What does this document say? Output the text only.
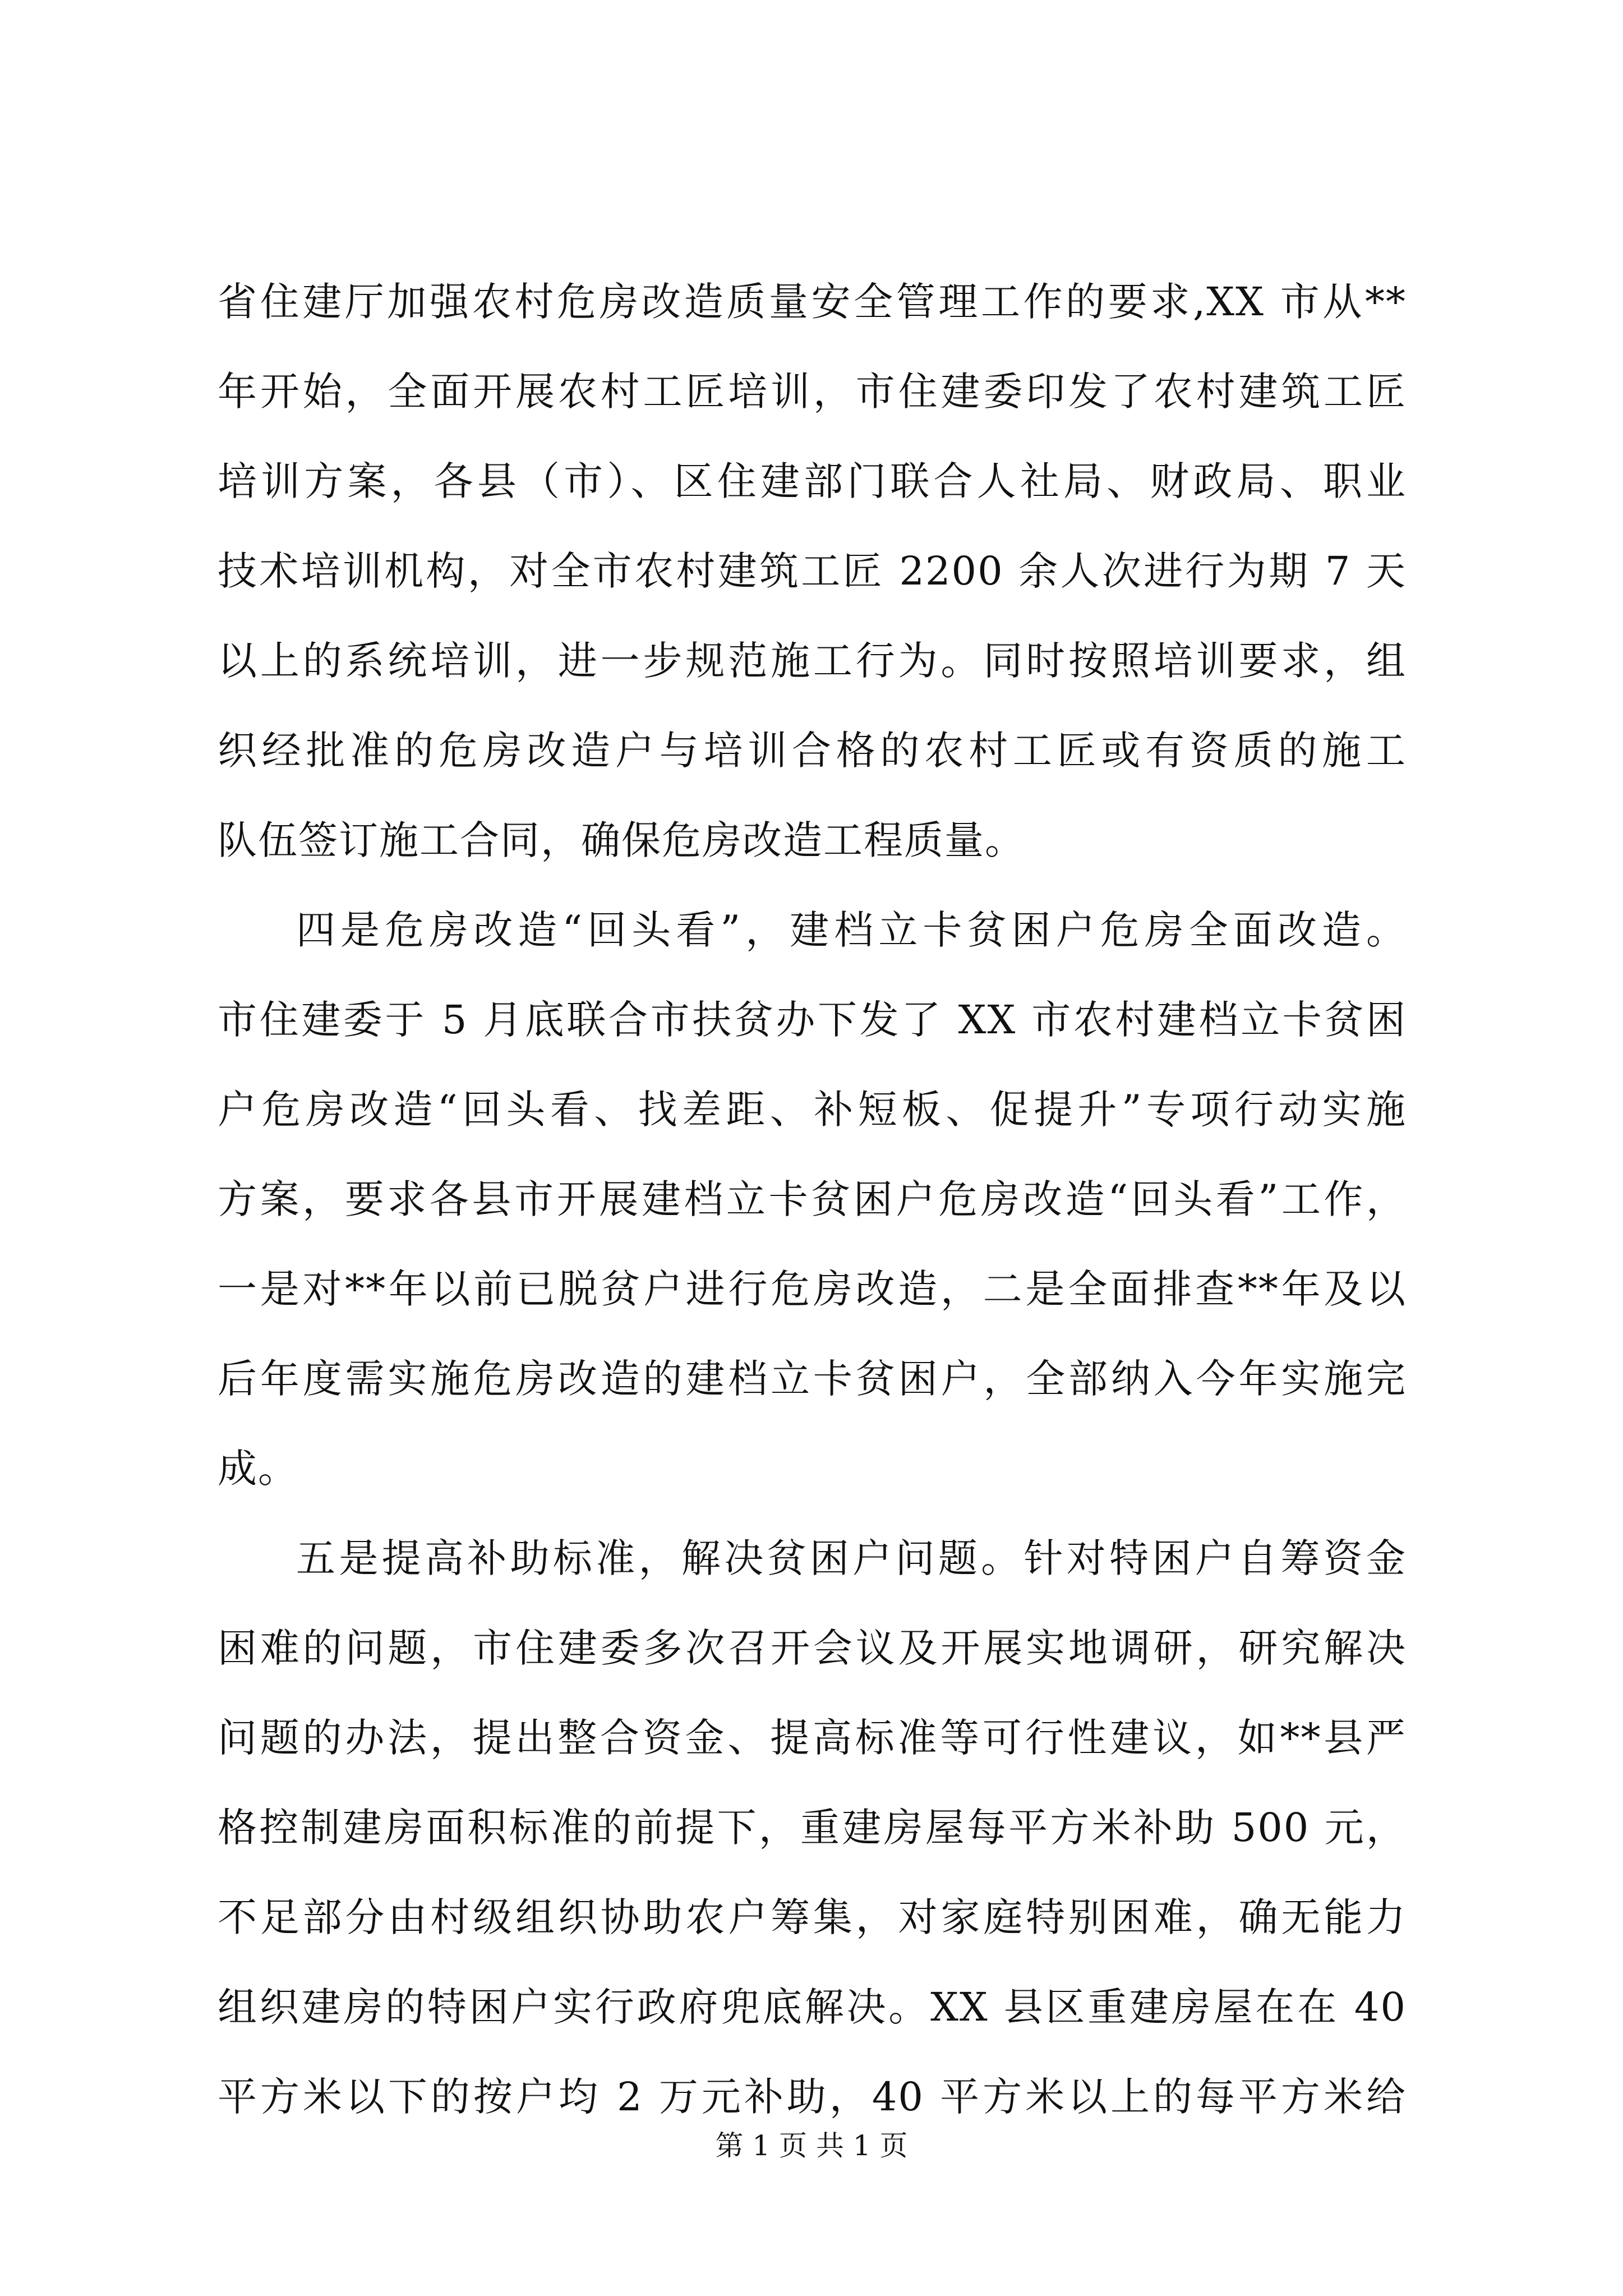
省住建厅加强农村危房改造质量安全管理工作的要求,XX 市从**
年开始，全面开展农村工匠培训，市住建委印发了农村建筑工匠
培训方案，各县（市）、区住建部门联合人社局、财政局、职业
技术培训机构，对全市农村建筑工匠 2200 余人次进行为期 7 天
以上的系统培训，进一步规范施工行为。同时按照培训要求，组
织经批准的危房改造户与培训合格的农村工匠或有资质的施工
队伍签订施工合同，确保危房改造工程质量。
四是危房改造“回头看”，建档立卡贫困户危房全面改造。
市住建委于 5 月底联合市扶贫办下发了 XX 市农村建档立卡贫困
户危房改造“回头看、找差距、补短板、促提升”专项行动实施
方案，要求各县市开展建档立卡贫困户危房改造“回头看”工作，
一是对**年以前已脱贫户进行危房改造，二是全面排查**年及以
后年度需实施危房改造的建档立卡贫困户，全部纳入今年实施完
成。
五是提高补助标准，解决贫困户问题。针对特困户自筹资金
困难的问题，市住建委多次召开会议及开展实地调研，研究解决
问题的办法，提出整合资金、提高标准等可行性建议，如**县严
格控制建房面积标准的前提下，重建房屋每平方米补助 500 元，
不足部分由村级组织协助农户筹集，对家庭特别困难，确无能力
组织建房的特困户实行政府兜底解决。XX 县区重建房屋在在 40
平方米以下的按户均 2 万元补助，40 平方米以上的每平方米给
第 1 页 共 1 页
